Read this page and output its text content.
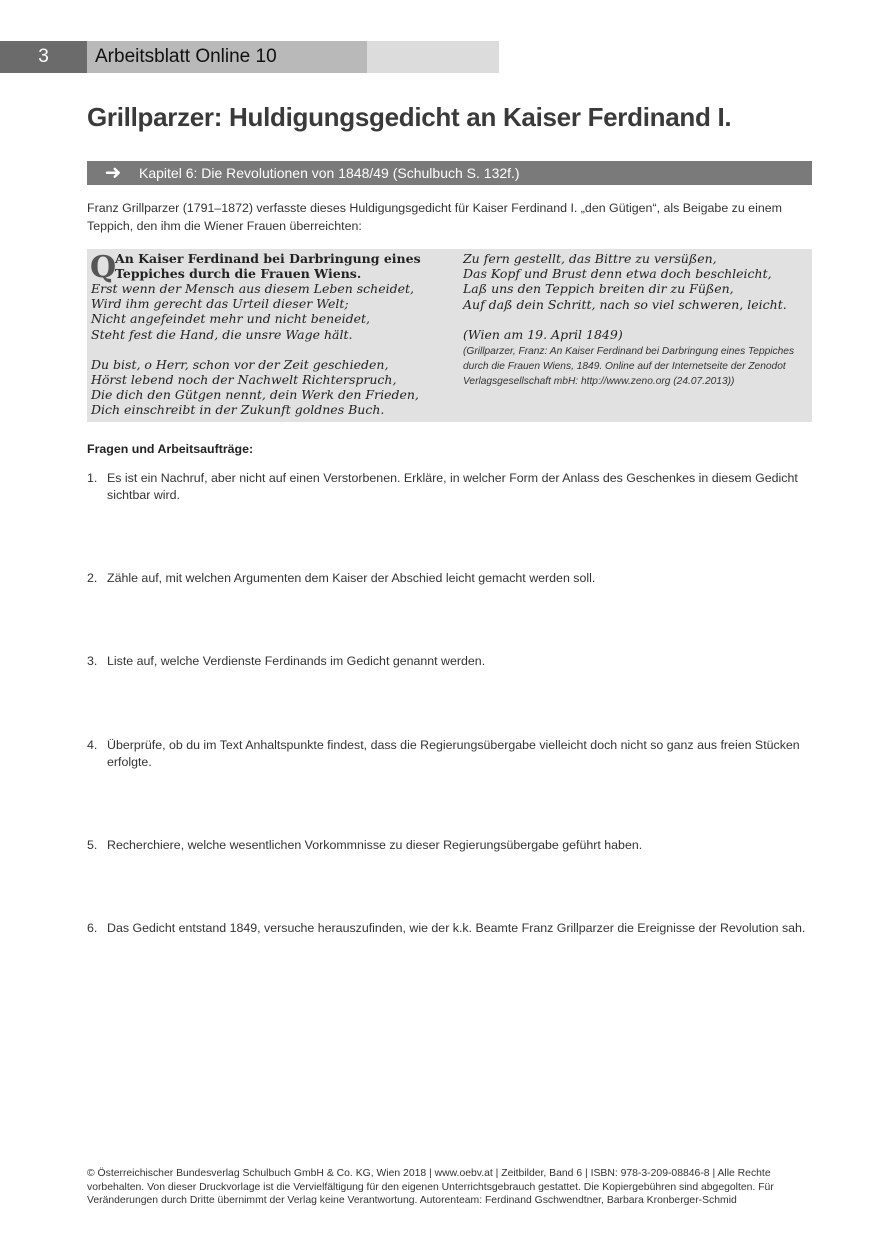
3	Arbeitsblatt Online 10
Grillparzer: Huldigungsgedicht an Kaiser Ferdinand I.
➜	Kapitel 6: Die Revolutionen von 1848/49 (Schulbuch S. 132f.)

Franz Grillparzer (1791–1872) verfasste dieses Huldigungsgedicht für Kaiser Ferdinand I. „den Gütigen“, als Beigabe zu einem Teppich, den ihm die Wiener Frauen überreichten:

Q
An Kaiser Ferdinand bei Darbringung eines Teppiches durch die Frauen Wiens.
Erst wenn der Mensch aus diesem Leben scheidet,
Wird ihm gerecht das Urteil dieser Welt;
Nicht angefeindet mehr und nicht beneidet,
Steht fest die Hand, die unsre Wage hält.
Du bist, o Herr, schon vor der Zeit geschieden,
Hörst lebend noch der Nachwelt Richterspruch,
Die dich den Gütgen nennt, dein Werk den Frieden,
Dich einschreibt in der Zukunft goldnes Buch.
Zu fern gestellt, das Bittre zu versüßen,
Das Kopf und Brust denn etwa doch beschleicht,
Laß uns den Teppich breiten dir zu Füßen,
Auf daß dein Schritt, nach so viel schweren, leicht.
(Wien am 19. April 1849)
(Grillparzer, Franz: An Kaiser Ferdinand bei Darbringung eines Teppiches durch die Frauen Wiens, 1849. Online auf der Internetseite der Zenodot Verlagsgesellschaft mbH: http://www.zeno.org (24.07.2013))
Fragen und Arbeitsaufträge:
1. Es ist ein Nachruf, aber nicht auf einen Verstorbenen. Erkläre, in welcher Form der Anlass des Geschenkes in diesem Gedicht sichtbar wird.
2. Zähle auf, mit welchen Argumenten dem Kaiser der Abschied leicht gemacht werden soll.
3. Liste auf, welche Verdienste Ferdinands im Gedicht genannt werden.
4. Überprüfe, ob du im Text Anhaltspunkte findest, dass die Regierungsübergabe vielleicht doch nicht so ganz aus freien Stücken erfolgte.
5. Recherchiere, welche wesentlichen Vorkommnisse zu dieser Regierungsübergabe geführt haben.
6. Das Gedicht entstand 1849, versuche herauszufinden, wie der k.k. Beamte Franz Grillparzer die Ereignisse der Revolution sah.

© Österreichischer Bundesverlag Schulbuch GmbH & Co. KG, Wien 2018 | www.oebv.at | Zeitbilder, Band 6 | ISBN: 978-3-209-08846-8 | Alle Rechte vorbehalten. Von dieser Druckvorlage ist die Vervielfältigung für den eigenen Unterrichtsgebrauch gestattet. Die Kopiergebühren sind abgegolten. Für Veränderungen durch Dritte übernimmt der Verlag keine Verantwortung. Autorenteam: Ferdinand Gschwendtner, Barbara Kronberger-Schmid
